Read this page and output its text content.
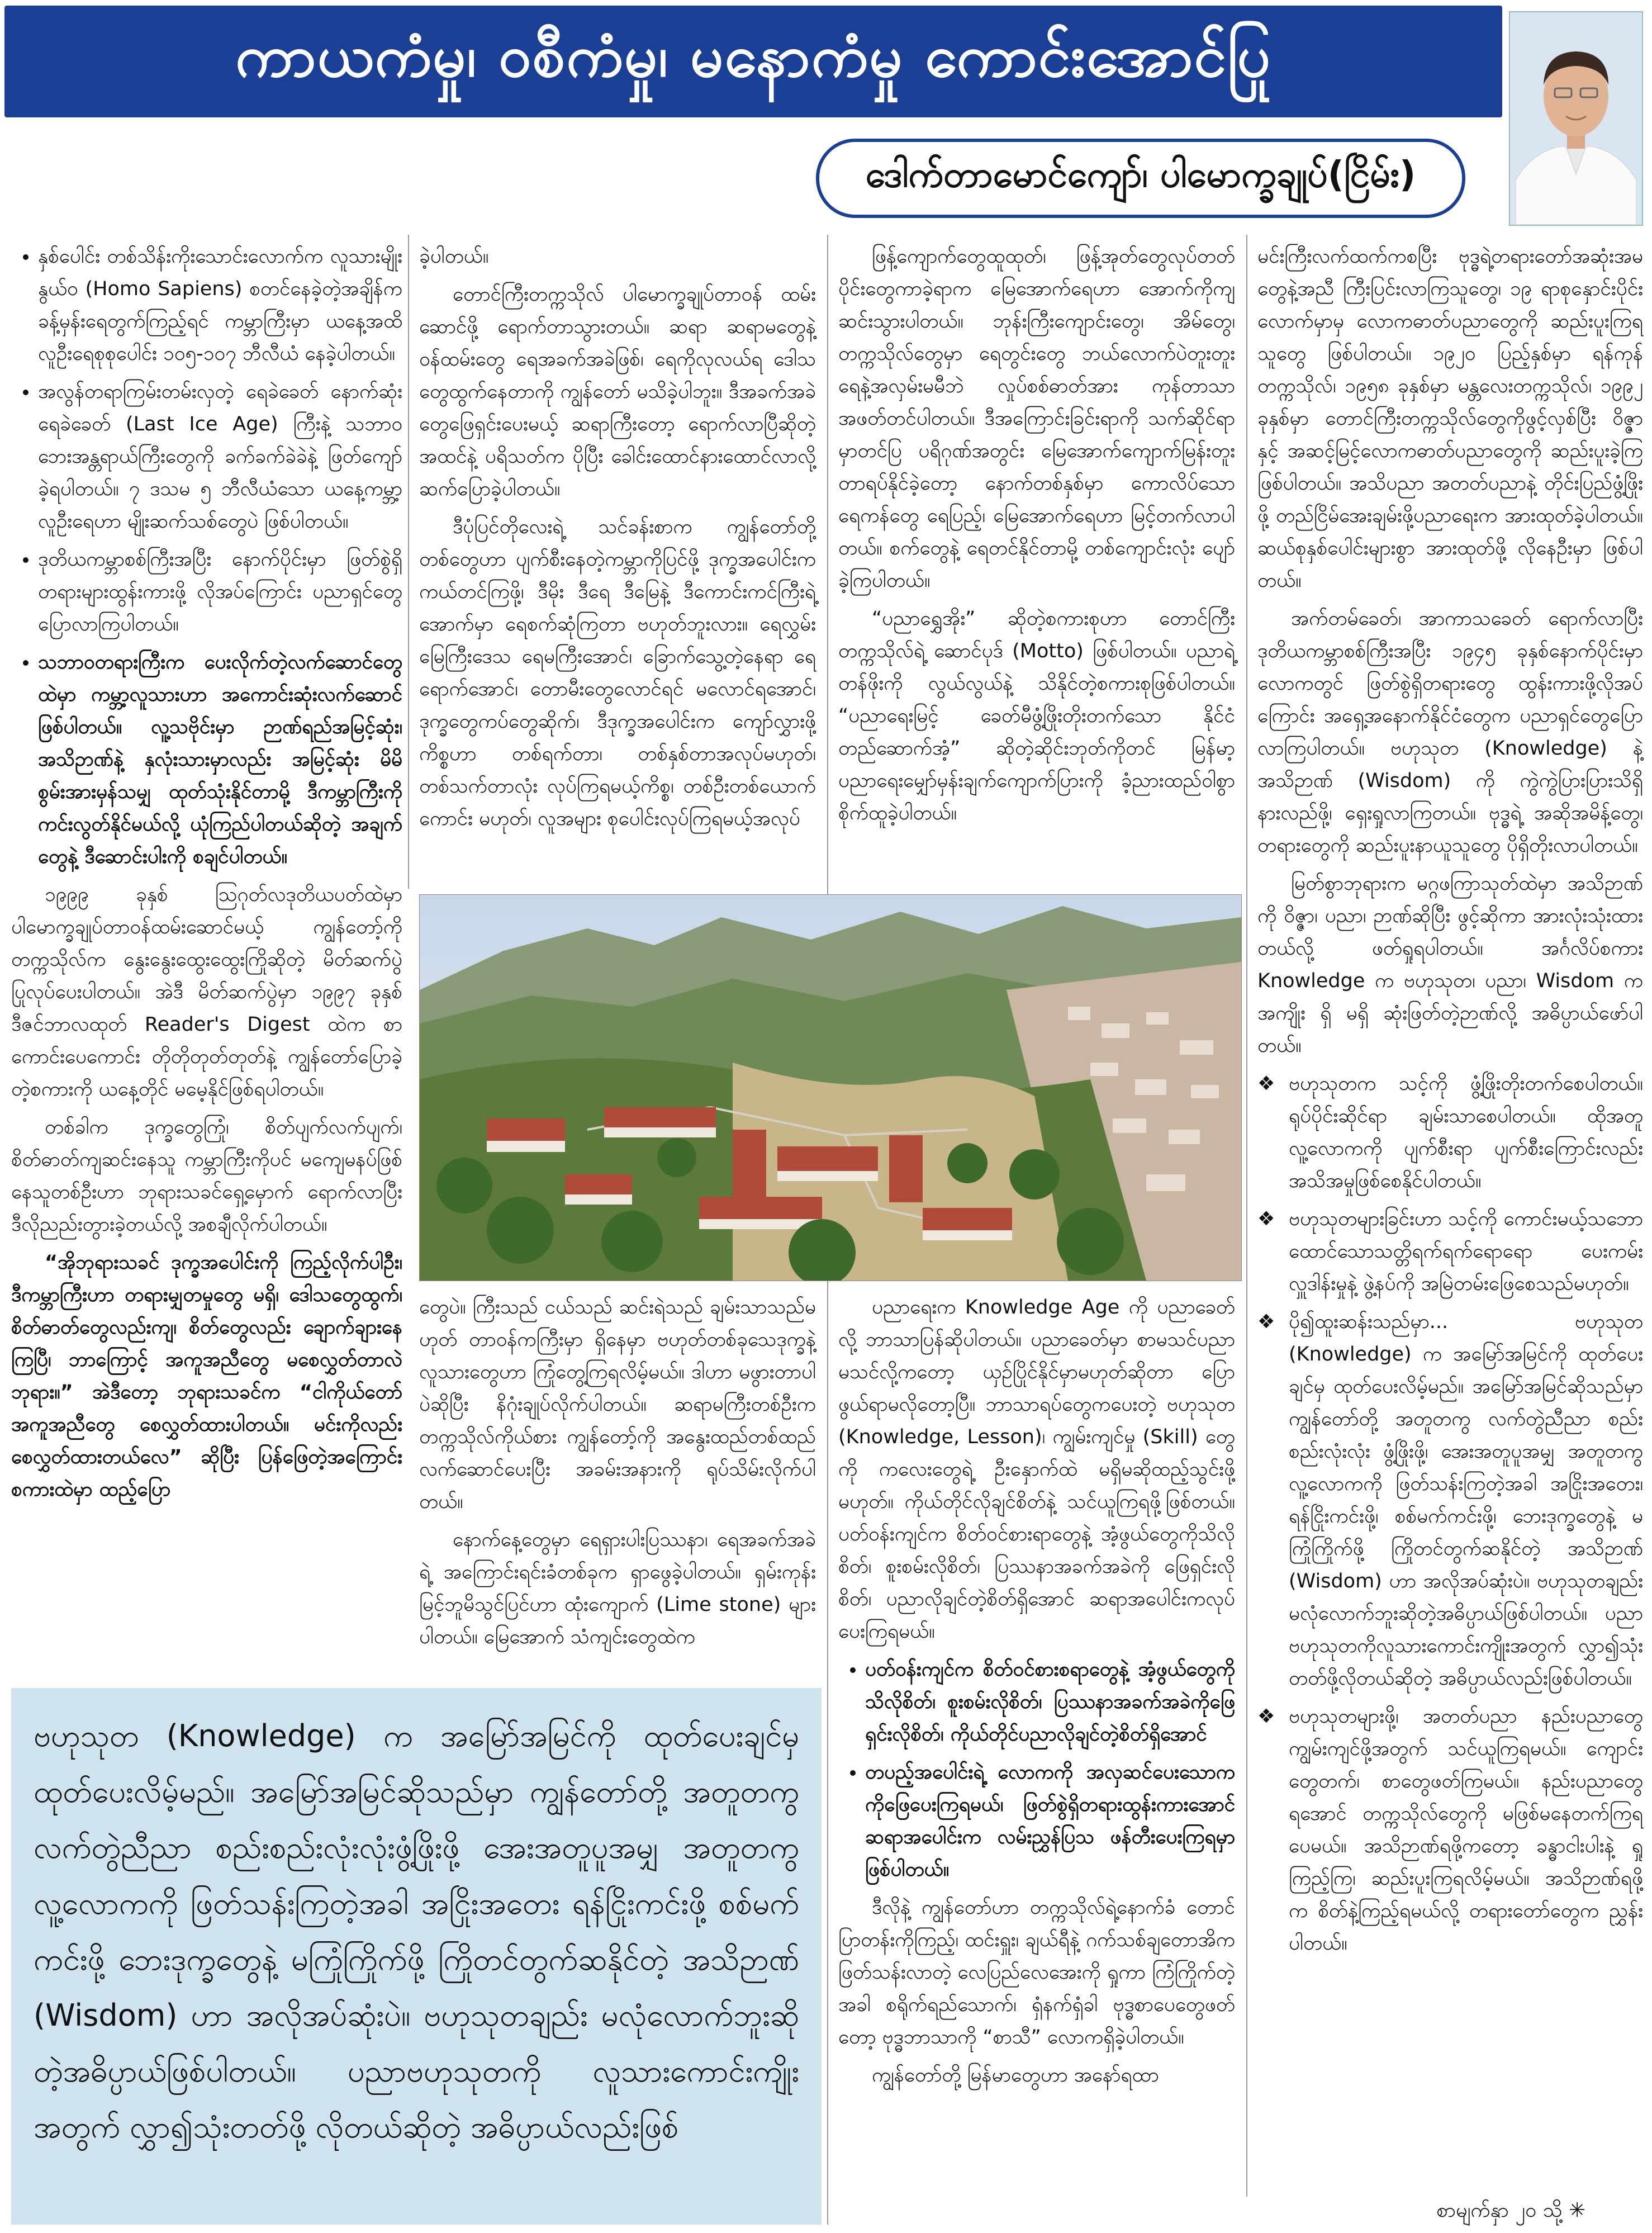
ကာယကံမှု၊ ဝစီကံမှု၊ မနောကံမှု ကောင်းအောင်ပြု
ဒေါက်တာမောင်ကျော်၊ ပါမောက္ခချုပ်(ငြိမ်း)
• နှစ်ပေါင်း တစ်သိန်းကိုးသောင်းလောက်က လူသားမျိုးနွယ်ဝ (Homo Sapiens) စတင်နေခဲ့တဲ့အချိန်က ခန့်မှန်းရေတွက်ကြည့်ရင် ကမ္ဘာကြီးမှာ ယနေ့အထိ လူဦးရေစုစုပေါင်း ၁၀၅-၁၀၇ ဘီလီယံ နေခဲ့ပါတယ်။
• အလွန်တရာကြမ်းတမ်းလှတဲ့ ရေခဲခေတ် နောက်ဆုံးရေခဲခေတ် (Last Ice Age) ကြီးနဲ့ သဘာဝဘေးအန္တရာယ်ကြီးတွေကို ခက်ခက်ခဲခဲနဲ့ ဖြတ်ကျော်ခဲ့ရပါတယ်။ ၇ ဒသမ ၅ ဘီလီယံသော ယနေ့ကမ္ဘာ့လူဦးရေဟာ မျိုးဆက်သစ်တွေပဲ ဖြစ်ပါတယ်။
• ဒုတိယကမ္ဘာစစ်ကြီးအပြီး နောက်ပိုင်းမှာ ဖြတ်စွဲရှိတရားများထွန်းကားဖို့ လိုအပ်ကြောင်း ပညာရှင်တွေပြောလာကြပါတယ်။
• သဘာဝတရားကြီးက ပေးလိုက်တဲ့လက်ဆောင်တွေထဲမှာ ကမ္ဘာ့လူသားဟာ အကောင်းဆုံးလက်ဆောင်ဖြစ်ပါတယ်။ လူ့သဗိုင်းမှာ ဉာဏ်ရည်အမြင့်ဆုံး၊ အသိဉာဏ်နဲ့ နှလုံးသားမှာလည်း အမြင့်ဆုံး မိမိစွမ်းအားမှန်သမျှ ထုတ်သုံးနိုင်တာမို့ ဒီကမ္ဘာကြီးကို ကင်းလွတ်နိုင်မယ်လို့ ယုံကြည်ပါတယ်ဆိုတဲ့ အချက်တွေနဲ့ ဒီဆောင်းပါးကို စချင်ပါတယ်။

၁၉၉၉ ခုနှစ် ဩဂုတ်လဒုတိယပတ်ထဲမှာ ပါမောက္ခချုပ်တာဝန်ထမ်းဆောင်မယ့် ကျွန်တော့်ကို တက္ကသိုလ်က နွေးနွေးထွေးထွေးကြိုဆိုတဲ့ မိတ်ဆက်ပွဲ ပြုလုပ်ပေးပါတယ်။ အဲဒီ မိတ်ဆက်ပွဲမှာ ၁၉၉၇ ခုနှစ် ဒီဇင်ဘာလထုတ် Reader's Digest ထဲက စာကောင်းပေကောင်း တိုတိုတုတ်တုတ်နဲ့ ကျွန်တော်ပြောခဲ့တဲ့စကားကို ယနေ့တိုင် မမေ့နိုင်ဖြစ်ရပါတယ်။

တစ်ခါက ဒုက္ခတွေကြုံ၊ စိတ်ပျက်လက်ပျက်၊ စိတ်ဓာတ်ကျဆင်းနေသူ ကမ္ဘာကြီးကိုပင် မကျေမနပ်ဖြစ်နေသူတစ်ဦးဟာ ဘုရားသခင်ရှေ့မှောက် ရောက်လာပြီး ဒီလိုညည်းတွားခဲ့တယ်လို့ အစချီလိုက်ပါတယ်။

“အိုဘုရားသခင် ဒုက္ခအပေါင်းကို ကြည့်လိုက်ပါဦး၊ ဒီကမ္ဘာကြီးဟာ တရားမျှတမှုတွေ မရှိ၊ ဒေါသတွေထွက်၊ စိတ်ဓာတ်တွေလည်းကျ၊ စိတ်တွေလည်း ချောက်ချားနေကြပြီ၊ ဘာကြောင့် အကူအညီတွေ မစေလွှတ်တာလဲဘုရား။” အဲဒီတော့ ဘုရားသခင်က “ငါကိုယ်တော် အကူအညီတွေ စေလွှတ်ထားပါတယ်။ မင်းကိုလည်း စေလွှတ်ထားတယ်လေ” ဆိုပြီး ပြန်ဖြေတဲ့အကြောင်း စကားထဲမှာ ထည့်ပြော

ခဲ့ပါတယ်။

တောင်ကြီးတက္ကသိုလ် ပါမောက္ခချုပ်တာဝန် ထမ်းဆောင်ဖို့ ရောက်တာသွားတယ်။ ဆရာ ဆရာမတွေနဲ့ ဝန်ထမ်းတွေ ရေအခက်အခဲဖြစ်၊ ရေကိုလုလယ်ရ ဒေါသတွေထွက်နေတာကို ကျွန်တော် မသိခဲ့ပါဘူး။ ဒီအခက်အခဲတွေဖြေရှင်းပေးမယ့် ဆရာကြီးတော့ ရောက်လာပြီဆိုတဲ့ အထင်နဲ့ ပရိသတ်က ပိုပြီး ခေါင်းထောင်နားထောင်လာလို့ ဆက်ပြောခဲ့ပါတယ်။

ဒီပုံပြင်တိုလေးရဲ့ သင်ခန်းစာက ကျွန်တော်တို့ တစ်တွေဟာ ပျက်စီးနေတဲ့ကမ္ဘာကိုပြင်ဖို့ ဒုက္ခအပေါင်းက ကယ်တင်ကြဖို့၊ ဒီမိုး ဒီရေ ဒီမြေနဲ့ ဒီကောင်းကင်ကြီးရဲ့ အောက်မှာ ရေစက်ဆုံကြတာ ဗဟုတ်ဘူးလား။ ရေလွှမ်းမြေကြီးဒေသ ရေမကြီးအောင်၊ ခြောက်သွေ့တဲ့နေရာ ရေရောက်အောင်၊ တောမီးတွေလောင်ရင် မလောင်ရအောင်၊ ဒုက္ခတွေကပ်တွေဆိုက်၊ ဒီဒုက္ခအပေါင်းက ကျော်လွှားဖို့ကိစ္စဟာ တစ်ရက်တာ၊ တစ်နှစ်တာအလုပ်မဟုတ်၊ တစ်သက်တာလုံး လုပ်ကြရမယ့်ကိစ္စ၊ တစ်ဦးတစ်ယောက်ကောင်း မဟုတ်၊ လူအများ စုပေါင်းလုပ်ကြရမယ့်အလုပ်

ဖြန့်ကျောက်တွေထူထုတ်၊ ဖြန့်အုတ်တွေလုပ်တတ်ပိုင်းတွေကာခဲ့ရာက မြေအောက်ရေဟာ အောက်ကိုကျဆင်းသွားပါတယ်။ ဘုန်းကြီးကျောင်းတွေ၊ အိမ်တွေ၊ တက္ကသိုလ်တွေမှာ ရေတွင်းတွေ ဘယ်လောက်ပဲတူးတူး ရေနဲ့အလှမ်းမမီဘဲ လှုပ်စစ်ဓာတ်အား ကုန်တာသာ အဖတ်တင်ပါတယ်။ ဒီအကြောင်းခြင်းရာကို သက်ဆိုင်ရာမှာတင်ပြ ပရိဂုဏ်အတွင်း မြေအောက်ကျောက်မြန်းတူးတာရပ်နိုင်ခဲ့တော့ နောက်တစ်နှစ်မှာ ကောလိပ်သော ရေကန်တွေ ရေပြည့်၊ မြေအောက်ရေဟာ မြင့်တက်လာပါတယ်။ စက်တွေနဲ့ ရေတင်နိုင်တာမို့ တစ်ကျောင်းလုံး ပျော်ခဲ့ကြပါတယ်။

“ပညာရွှေအိုး” ဆိုတဲ့စကားစုဟာ တောင်ကြီးတက္ကသိုလ်ရဲ့ ဆောင်ပုဒ် (Motto) ဖြစ်ပါတယ်။ ပညာရဲ့တန်ဖိုးကို လွယ်လွယ်နဲ့ သိနိုင်တဲ့စကားစုဖြစ်ပါတယ်။ “ပညာရေးမြင့် ခေတ်မီဖွံ့ဖြိုးတိုးတက်သော နိုင်ငံတည်ဆောက်အံ့” ဆိုတဲ့ဆိုင်းဘုတ်ကိုတင် မြန်မာ့ပညာရေးမျှော်မှန်းချက်ကျောက်ပြားကို ခံ့ညားထည်ဝါစွာ စိုက်ထူခဲ့ပါတယ်။

တွေပဲ။ ကြီးသည် ငယ်သည် ဆင်းရဲသည် ချမ်းသာသည်မဟုတ် တာဝန်ကကြီးမှာ ရှိနေမှာ ဗဟုတ်တစ်ခုသေဒုက္ခနဲ့ လူသားတွေဟာ ကြုံတွေ့ကြရလိမ့်မယ်။ ဒါဟာ မဖွားတာပါပဲဆိုပြီး နိဂုံးချုပ်လိုက်ပါတယ်။ ဆရာမကြီးတစ်ဦးက တက္ကသိုလ်ကိုယ်စား ကျွန်တော့်ကို အနွေးထည်တစ်ထည် လက်ဆောင်ပေးပြီး အခမ်းအနားကို ရုပ်သိမ်းလိုက်ပါတယ်။

နောက်နေ့တွေမှာ ရေရှားပါးပြဿနာ၊ ရေအခက်အခဲရဲ့ အကြောင်းရင်းခံတစ်ခုက ရှာဖွေခဲ့ပါတယ်။ ရှမ်းကုန်းမြင့်ဘူမိသွင်ပြင်ဟာ ထုံးကျောက် (Lime stone) များပါတယ်။ မြေအောက် သံကျင်းတွေထဲက

ပညာရေးက Knowledge Age ကို ပညာခေတ်လို့ ဘာသာပြန်ဆိုပါတယ်။ ပညာခေတ်မှာ စာမသင်ပညာမသင်လို့ကတော့ ယှဉ်ပြိုင်နိုင်မှာမဟုတ်ဆိုတာ ပြောဖွယ်ရာမလိုတော့ပြီ။ ဘာသာရပ်တွေကပေးတဲ့ ဗဟုသုတ (Knowledge, Lesson)၊ ကျွမ်းကျင်မှု (Skill) တွေကို ကလေးတွေရဲ့ ဦးနှောက်ထဲ မရှိမဆိုထည့်သွင်းဖို့မဟုတ်။ ကိုယ်တိုင်လိုချင်စိတ်နဲ့ သင်ယူကြရဖို့ဖြစ်တယ်။ ပတ်ဝန်းကျင်က စိတ်ဝင်စားရာတွေနဲ့ အံ့ဖွယ်တွေကိုသိလိုစိတ်၊ စူးစမ်းလိုစိတ်၊ ပြဿနာအခက်အခဲကို ဖြေရှင်းလိုစိတ်၊ ပညာလိုချင်တဲ့စိတ်ရှိအောင် ဆရာအပေါင်းကလုပ်ပေးကြရမယ်။

• ပတ်ဝန်းကျင်က စိတ်ဝင်စားစရာတွေနဲ့ အံ့ဖွယ်တွေကို သိလိုစိတ်၊ စူးစမ်းလိုစိတ်၊ ပြဿနာအခက်အခဲကိုဖြေရှင်းလိုစိတ်၊ ကိုယ်တိုင်ပညာလိုချင်တဲ့စိတ်ရှိအောင်
• တပည့်အပေါင်းရဲ့ လောကကို အလှဆင်ပေးသောကကိုဖြေပေးကြရမယ်၊ ဖြတ်စွဲရှိတရားထွန်းကားအောင် ဆရာအပေါင်းက လမ်းညွှန်ပြသ ဖန်တီးပေးကြရမှာဖြစ်ပါတယ်။

ဒီလိုနဲ့ ကျွန်တော်ဟာ တက္ကသိုလ်ရဲ့နောက်ခံ တောင်ပြာတန်းကိုကြည့်၊ ထင်းရှူး၊ ချယ်ရီနဲ့ ဂက်သစ်ချတောအိက ဖြတ်သန်းလာတဲ့ လေပြည်လေအေးကို ရှုကာ ကြံကြိုက်တဲ့အခါ စရိုက်ရည်သောက်၊ ရှံနက်ရှံခါ ဗုဒ္ဓစာပေတွေဖတ်တော့ ဗုဒ္ဓဘာသာကို “စာသီ” လောကရှိခဲ့ပါတယ်။

ကျွန်တော်တို့ မြန်မာတွေဟာ အနော်ရထာ

မင်းကြီးလက်ထက်ကစပြီး ဗုဒ္ဓရဲ့တရားတော်အဆုံးအမတွေနဲ့အညီ ကြီးပြင်းလာကြသူတွေ၊ ၁၉ ရာစုနှောင်းပိုင်းလောက်မှာမှ လောကဓာတ်ပညာတွေကို ဆည်းပူးကြရသူတွေ ဖြစ်ပါတယ်။ ၁၉၂၀ ပြည့်နှစ်မှာ ရန်ကုန်တက္ကသိုလ်၊ ၁၉၅၈ ခုနှစ်မှာ မန္တလေးတက္ကသိုလ်၊ ၁၉၉၂ ခုနှစ်မှာ တောင်ကြီးတက္ကသိုလ်တွေကိုဖွင့်လှစ်ပြီး ဝိဇ္ဇာနှင့် အဆင့်မြင့်လောကဓာတ်ပညာတွေကို ဆည်းပူးခဲ့ကြဖြစ်ပါတယ်။ အသိပညာ အတတ်ပညာနဲ့ တိုင်းပြည်ဖွံ့ဖြိုးဖို့ တည်ငြိမ်အေးချမ်းဖို့ပညာရေးက အားထုတ်ခဲ့ပါတယ်။ ဆယ်စုနှစ်ပေါင်းများစွာ အားထုတ်ဖို့ လိုနေဦးမှာ ဖြစ်ပါတယ်။

အက်တမ်ခေတ်၊ အာကာသခေတ် ရောက်လာပြီး ဒုတိယကမ္ဘာစစ်ကြီးအပြီး ၁၉၄၅ ခုနှစ်နောက်ပိုင်းမှာ လောကတွင် ဖြတ်စွဲရှိတရားတွေ ထွန်းကားဖို့လိုအပ်ကြောင်း အရှေ့အနောက်နိုင်ငံတွေက ပညာရှင်တွေပြောလာကြပါတယ်။ ဗဟုသုတ (Knowledge) နဲ့ အသိဉာဏ် (Wisdom) ကို ကွဲကွဲပြားပြားသိရှိနားလည်ဖို့၊ ရှေးရှုလာကြတယ်။ ဗုဒ္ဓရဲ့ အဆိုအမိန့်တွေ၊ တရားတွေကို ဆည်းပူးနာယူသူတွေ ပိုရှိတိုးလာပါတယ်။

မြတ်စွာဘုရားက မဂ္ဂဖကြာသုတ်ထဲမှာ အသိဉာဏ်ကို ဝိဇ္ဇာ၊ ပညာ၊ ဉာဏ်ဆိုပြီး ဖွင့်ဆိုကာ အားလုံးသုံးထားတယ်လို့ ဖတ်ရှုရပါတယ်။ အင်္ဂလိပ်စကား Knowledge က ဗဟုသုတ၊ ပညာ၊ Wisdom က အကျိုး ရှိ မရှိ ဆုံးဖြတ်တဲ့ဉာဏ်လို့ အဓိပ္ပာယ်ဖော်ပါတယ်။

❖ ဗဟုသုတက သင့်ကို ဖွံ့ဖြိုးတိုးတက်စေပါတယ်။ ရုပ်ပိုင်းဆိုင်ရာ ချမ်းသာစေပါတယ်။ ထိုအတူ လူ့လောကကို ပျက်စီးရာ ပျက်စီးကြောင်းလည်း အသိအမှုဖြစ်စေနိုင်ပါတယ်။
❖ ဗဟုသုတများခြင်းဟာ သင့်ကို ကောင်းမယ့်သဘောထောင်သောသတ္တိရက်ရက်ရောရော ပေးကမ်းလှူဒါန်းမှုနဲ့ ဖွဲ့နပ်ကို အမြဲတမ်းဖြေစေသည်မဟုတ်။
❖ ပို၍ထူးဆန်းသည်မှာ... ဗဟုသုတ (Knowledge) က အမြော်အမြင်ကို ထုတ်ပေးချင်မှ ထုတ်ပေးလိမ့်မည်။ အမြော်အမြင်ဆိုသည်မှာ ကျွန်တော်တို့ အတူတကွ လက်တွဲညီညာ စည်းစည်းလုံးလုံး ဖွံ့ဖြိုးဖို့၊ အေးအတူပူအမျှ အတူတကွ လူ့လောကကို ဖြတ်သန်းကြတဲ့အခါ အငြိုးအတေး၊ ရန်ငြိုးကင်းဖို့၊ စစ်မက်ကင်းဖို့၊ ဘေးဒုက္ခတွေနဲ့ မကြုံကြိုက်ဖို့ ကြိုတင်တွက်ဆနိုင်တဲ့ အသိဉာဏ် (Wisdom) ဟာ အလိုအပ်ဆုံးပဲ။ ဗဟုသုတချည်း မလုံလောက်ဘူးဆိုတဲ့အဓိပ္ပာယ်ဖြစ်ပါတယ်။ ပညာဗဟုသုတကိုလူသားကောင်းကျိုးအတွက် လွှာ၍သုံးတတ်ဖို့လိုတယ်ဆိုတဲ့ အဓိပ္ပာယ်လည်းဖြစ်ပါတယ်။
❖ ဗဟုသုတများဖို့၊ အတတ်ပညာ နည်းပညာတွေ ကျွမ်းကျင်ဖို့အတွက် သင်ယူကြရမယ်။ ကျောင်းတွေတက်၊ စာတွေဖတ်ကြမယ်။ နည်းပညာတွေရအောင် တက္ကသိုလ်တွေကို မဖြစ်မနေတက်ကြရပေမယ်။ အသိဉာဏ်ရဖို့ကတော့ ခန္ဓာငါးပါးနဲ့ ရှုကြည့်ကြ၊ ဆည်းပူးကြရလိမ့်မယ်။ အသိဉာဏ်ရဖို့က စိတ်နဲ့ကြည့်ရမယ်လို့ တရားတော်တွေက ညွှန်းပါတယ်။
ဗဟုသုတ (Knowledge) က အမြော်အမြင်ကို ထုတ်ပေးချင်မှ ထုတ်ပေးလိမ့်မည်။ အမြော်အမြင်ဆိုသည်မှာ ကျွန်တော်တို့ အတူတကွ လက်တွဲညီညာ စည်းစည်းလုံးလုံးဖွံ့ဖြိုးဖို့ အေးအတူပူအမျှ အတူတကွ လူ့လောကကို ဖြတ်သန်းကြတဲ့အခါ အငြိုးအတေး ရန်ငြိုးကင်းဖို့ စစ်မက်ကင်းဖို့ ဘေးဒုက္ခတွေနဲ့ မကြုံကြိုက်ဖို့ ကြိုတင်တွက်ဆနိုင်တဲ့ အသိဉာဏ် (Wisdom) ဟာ အလိုအပ်ဆုံးပဲ။ ဗဟုသုတချည်း မလုံလောက်ဘူးဆိုတဲ့အဓိပ္ပာယ်ဖြစ်ပါတယ်။ ပညာဗဟုသုတကို လူသားကောင်းကျိုးအတွက် လွှာ၍သုံးတတ်ဖို့ လိုတယ်ဆိုတဲ့ အဓိပ္ပာယ်လည်းဖြစ်
စာမျက်နှာ ၂၀ သို့ ✳
